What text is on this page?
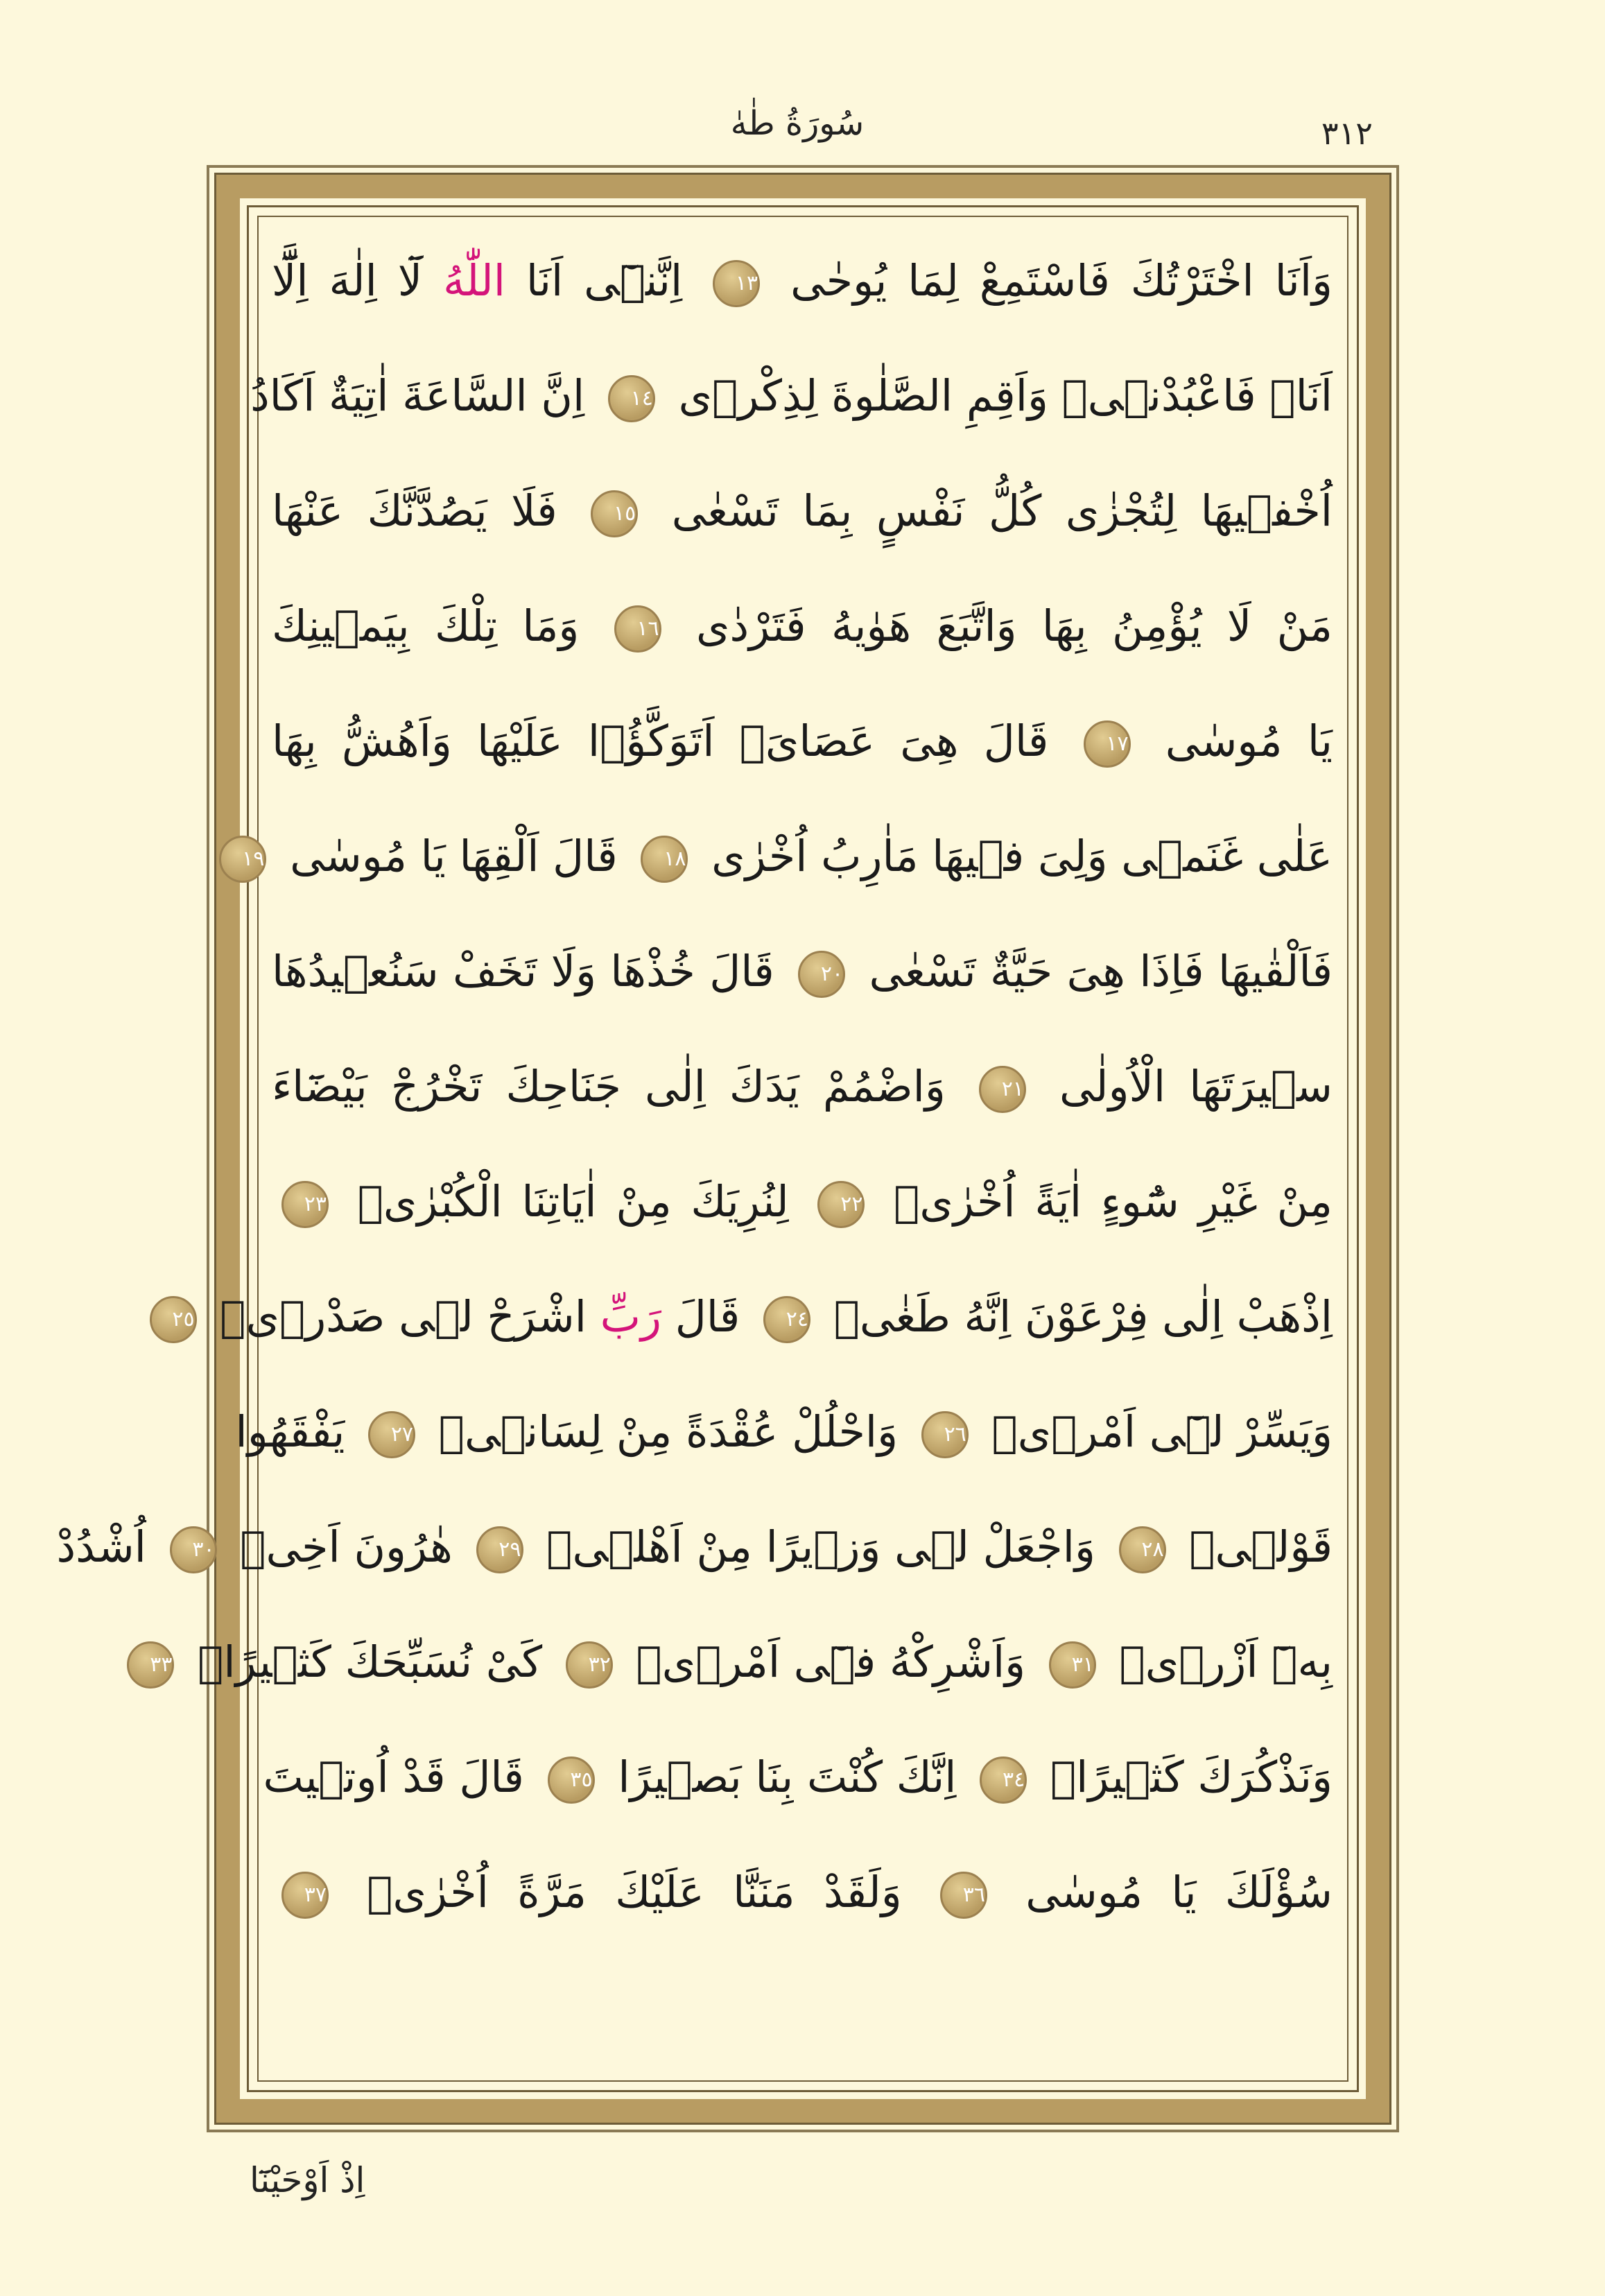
سُورَةُ طٰهٰ	٣١٢
وَاَنَا اخْتَرْتُكَ فَاسْتَمِعْ لِمَا يُوحٰى ١٣ اِنَّنٖٓى اَنَا اللّٰهُ لَٓا اِلٰهَ اِلَّٓا
اَنَا۬ فَاعْبُدْنٖىۙ وَاَقِمِ الصَّلٰوةَ لِذِكْرٖى ١٤ اِنَّ السَّاعَةَ اٰتِيَةٌ اَكَادُ
اُخْفٖيهَا لِتُجْزٰى كُلُّ نَفْسٍ بِمَا تَسْعٰى ١٥ فَلَا يَصُدَّنَّكَ عَنْهَا
مَنْ لَا يُؤْمِنُ بِهَا وَاتَّبَعَ هَوٰيهُ فَتَرْدٰى ١٦ وَمَا تِلْكَ بِيَمٖينِكَ
يَا مُوسٰى ١٧ قَالَ هِىَ عَصَاىَۚ اَتَوَكَّؤُ۬ا عَلَيْهَا وَاَهُشُّ بِهَا
عَلٰى غَنَمٖى وَلِىَ فٖيهَا مَاٰرِبُ اُخْرٰى ١٨ قَالَ اَلْقِهَا يَا مُوسٰى ١٩
فَاَلْقٰيهَا فَاِذَا هِىَ حَيَّةٌ تَسْعٰى ٢٠ قَالَ خُذْهَا وَلَا تَخَفْ سَنُعٖيدُهَا
سٖيرَتَهَا الْاُولٰى ٢١ وَاضْمُمْ يَدَكَ اِلٰى جَنَاحِكَ تَخْرُجْ بَيْضَٓاءَ
مِنْ غَيْرِ سُٓوءٍ اٰيَةً اُخْرٰىۙ ٢٢ لِنُرِيَكَ مِنْ اٰيَاتِنَا الْكُبْرٰىۚ ٢٣
اِذْهَبْ اِلٰى فِرْعَوْنَ اِنَّهُ طَغٰىۚ ٢٤ قَالَ رَبِّ اشْرَحْ لٖى صَدْرٖىۙ ٢٥
وَيَسِّرْ لٖٓى اَمْرٖىۙ ٢٦ وَاحْلُلْ عُقْدَةً مِنْ لِسَانٖىۙ ٢٧ يَفْقَهُوا
قَوْلٖىۖ ٢٨ وَاجْعَلْ لٖى وَزٖيرًا مِنْ اَهْلٖىۙ ٢٩ هٰرُونَ اَخِىۚ ٣٠ اُشْدُدْ
بِهٖٓ اَزْرٖىۙ ٣١ وَاَشْرِكْهُ فٖٓى اَمْرٖىۙ ٣٢ كَىْ نُسَبِّحَكَ كَثٖيرًاۙ ٣٣
وَنَذْكُرَكَ كَثٖيرًاۜ ٣٤ اِنَّكَ كُنْتَ بِنَا بَصٖيرًا ٣٥ قَالَ قَدْ اُوتٖيتَ
سُؤْلَكَ يَا مُوسٰى ٣٦ وَلَقَدْ مَنَنَّا عَلَيْكَ مَرَّةً اُخْرٰىۙ ٣٧
اِذْ اَوْحَيْنَٓا
